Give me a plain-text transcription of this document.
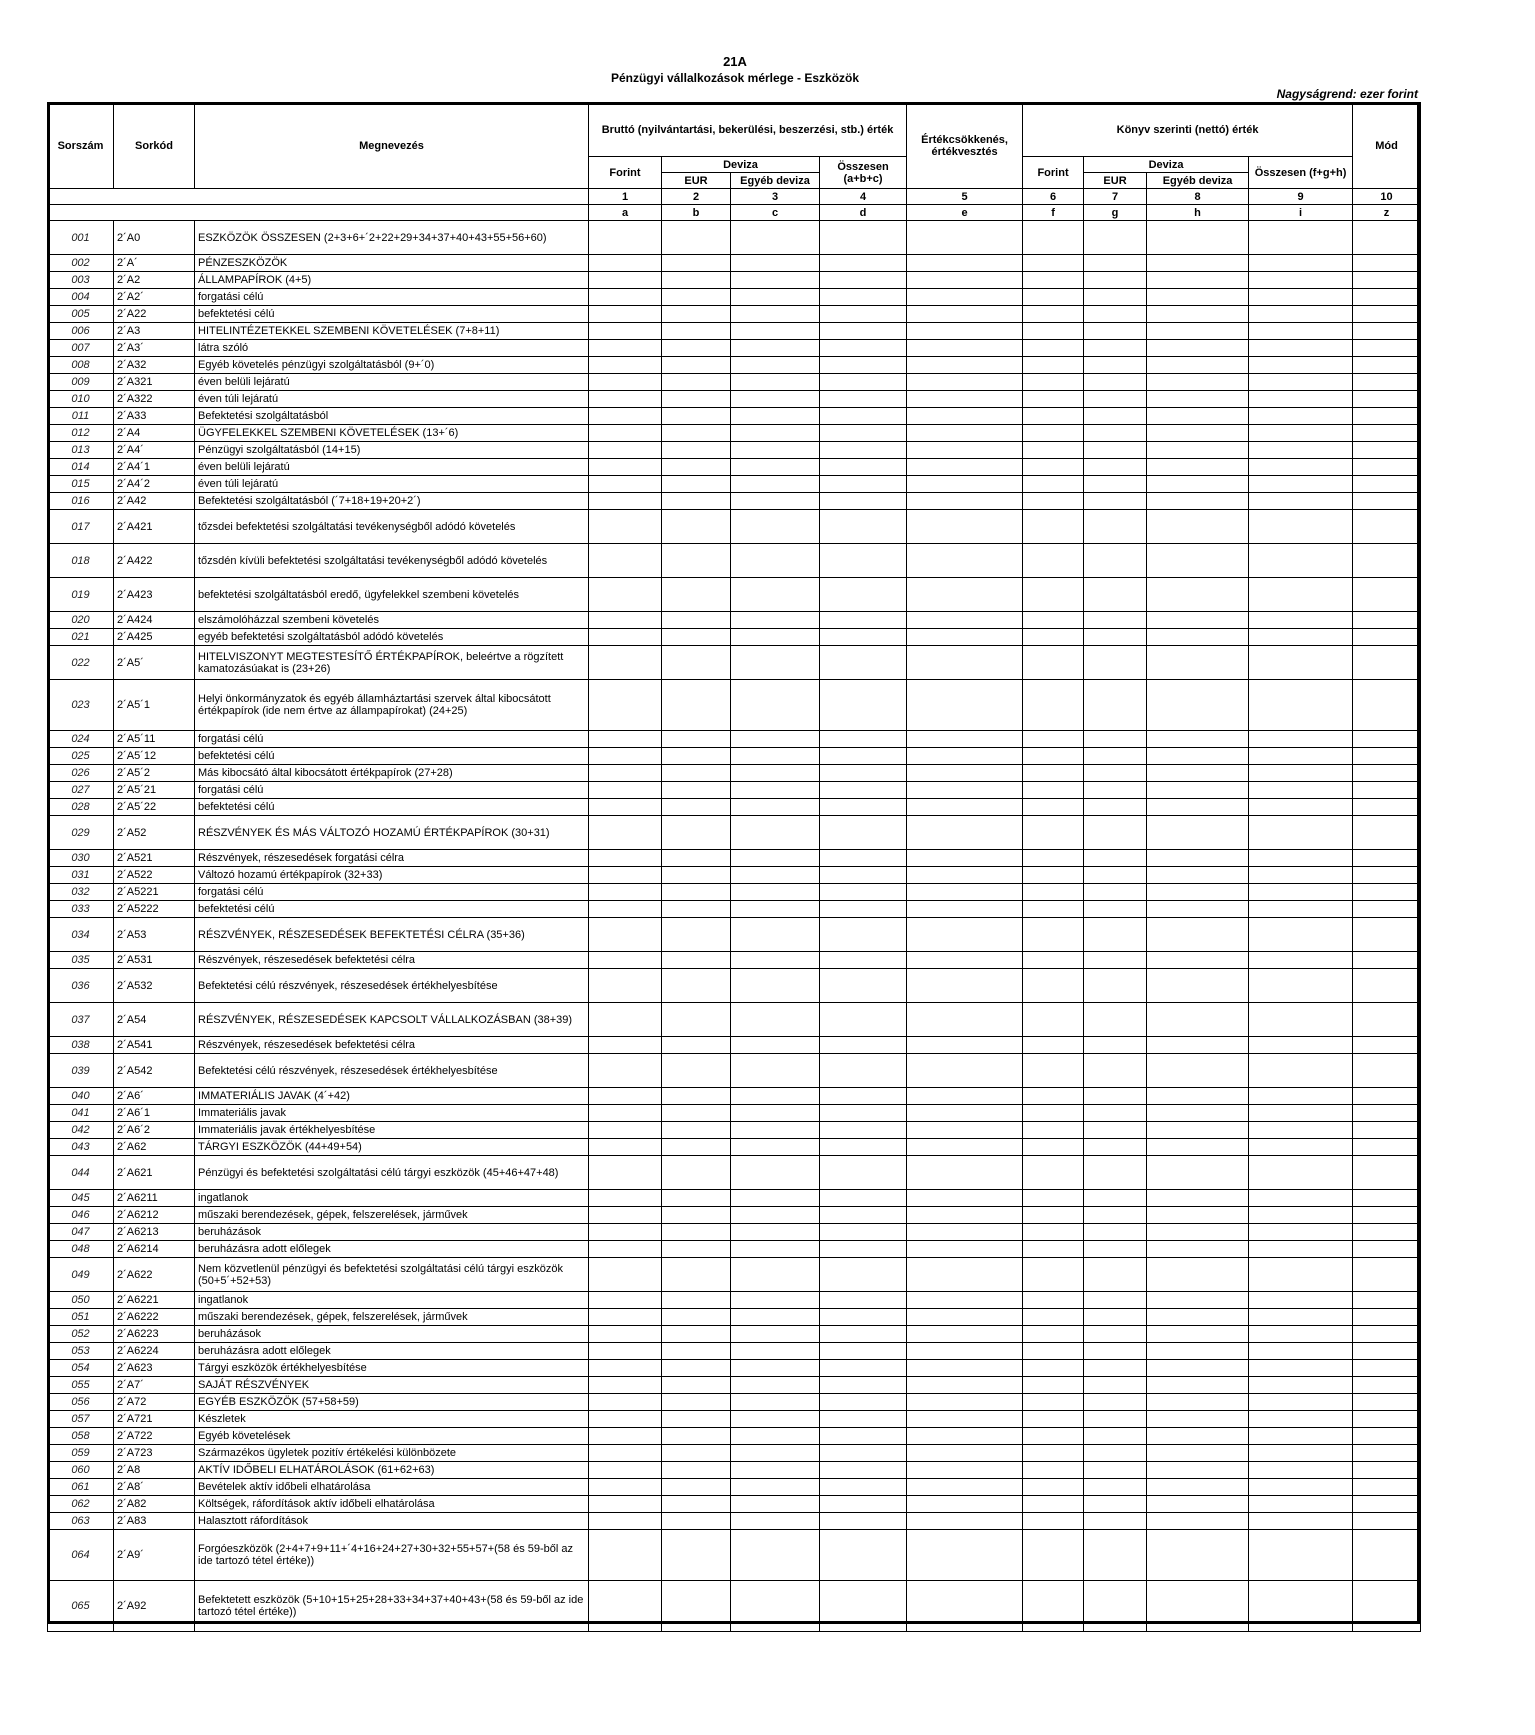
21A
Pénzügyi vállalkozások mérlege - Eszközök
Nagyságrend: ezer forint
Sorszám	Sorkód	Megnevezés	Bruttó (nyilvántartási, bekerülési, beszerzési, stb.) érték				Értékcsökkenés, értékvesztés	Könyv szerinti (nettó) érték				Mód
			Forint	Deviza		Összesen (a+b+c)		Forint	Deviza		Összesen (f+g+h)	
				EUR	Egyéb deviza				EUR	Egyéb deviza		
			1	2	3	4	5	6	7	8	9	10
			a	b	c	d	e	f	g	h	i	z
001	2´A0	ESZKÖZÖK ÖSSZESEN (2+3+6+´2+22+29+34+37+40+43+55+56+60)										
002	2´A´	PÉNZESZKÖZÖK										
003	2´A2	ÁLLAMPAPÍROK (4+5)										
004	2´A2´	forgatási célú										
005	2´A22	befektetési célú										
006	2´A3	HITELINTÉZETEKKEL SZEMBENI KÖVETELÉSEK (7+8+11)										
007	2´A3´	látra szóló										
008	2´A32	Egyéb követelés pénzügyi szolgáltatásból (9+´0)										
009	2´A321	éven belüli lejáratú										
010	2´A322	éven túli lejáratú										
011	2´A33	Befektetési szolgáltatásból										
012	2´A4	ÜGYFELEKKEL SZEMBENI KÖVETELÉSEK (13+´6)										
013	2´A4´	Pénzügyi szolgáltatásból (14+15)										
014	2´A4´1	éven belüli lejáratú										
015	2´A4´2	éven túli lejáratú										
016	2´A42	Befektetési szolgáltatásból (´7+18+19+20+2´)										
017	2´A421	tőzsdei befektetési szolgáltatási tevékenységből adódó követelés										
018	2´A422	tőzsdén kívüli befektetési szolgáltatási tevékenységből adódó követelés										
019	2´A423	befektetési szolgáltatásból eredő, ügyfelekkel szembeni követelés										
020	2´A424	elszámolóházzal szembeni követelés										
021	2´A425	egyéb befektetési szolgáltatásból adódó követelés										
022	2´A5´	HITELVISZONYT MEGTESTESÍTŐ ÉRTÉKPAPÍROK, beleértve a rögzített kamatozásúakat is (23+26)										
023	2´A5´1	Helyi önkormányzatok és egyéb államháztartási szervek által kibocsátott értékpapírok (ide nem értve az állampapírokat) (24+25)										
024	2´A5´11	forgatási célú										
025	2´A5´12	befektetési célú										
026	2´A5´2	Más kibocsátó által kibocsátott értékpapírok (27+28)										
027	2´A5´21	forgatási célú										
028	2´A5´22	befektetési célú										
029	2´A52	RÉSZVÉNYEK ÉS MÁS VÁLTOZÓ HOZAMÚ ÉRTÉKPAPÍROK (30+31)										
030	2´A521	Részvények, részesedések forgatási célra										
031	2´A522	Változó hozamú értékpapírok (32+33)										
032	2´A5221	forgatási célú										
033	2´A5222	befektetési célú										
034	2´A53	RÉSZVÉNYEK, RÉSZESEDÉSEK BEFEKTETÉSI CÉLRA (35+36)										
035	2´A531	Részvények, részesedések befektetési célra										
036	2´A532	Befektetési célú részvények, részesedések értékhelyesbítése										
037	2´A54	RÉSZVÉNYEK, RÉSZESEDÉSEK KAPCSOLT VÁLLALKOZÁSBAN (38+39)										
038	2´A541	Részvények, részesedések befektetési célra										
039	2´A542	Befektetési célú részvények, részesedések értékhelyesbítése										
040	2´A6´	IMMATERIÁLIS JAVAK (4´+42)										
041	2´A6´1	Immateriális javak										
042	2´A6´2	Immateriális javak értékhelyesbítése										
043	2´A62	TÁRGYI ESZKÖZÖK (44+49+54)										
044	2´A621	Pénzügyi és befektetési szolgáltatási célú tárgyi eszközök (45+46+47+48)										
045	2´A6211	ingatlanok										
046	2´A6212	műszaki berendezések, gépek, felszerelések, járművek										
047	2´A6213	beruházások										
048	2´A6214	beruházásra adott előlegek										
049	2´A622	Nem közvetlenül pénzügyi és befektetési szolgáltatási célú tárgyi eszközök (50+5´+52+53)										
050	2´A6221	ingatlanok										
051	2´A6222	műszaki berendezések, gépek, felszerelések, járművek										
052	2´A6223	beruházások										
053	2´A6224	beruházásra adott előlegek										
054	2´A623	Tárgyi eszközök értékhelyesbítése										
055	2´A7´	SAJÁT RÉSZVÉNYEK										
056	2´A72	EGYÉB ESZKÖZÖK (57+58+59)										
057	2´A721	Készletek										
058	2´A722	Egyéb követelések										
059	2´A723	Származékos ügyletek pozitív értékelési különbözete										
060	2´A8	AKTÍV IDŐBELI ELHATÁROLÁSOK (61+62+63)										
061	2´A8´	Bevételek aktív időbeli elhatárolása										
062	2´A82	Költségek, ráfordítások aktív időbeli elhatárolása										
063	2´A83	Halasztott ráfordítások										
064	2´A9´	Forgóeszközök (2+4+7+9+11+´4+16+24+27+30+32+55+57+(58 és 59-ből az ide tartozó tétel értéke))										
065	2´A92	Befektetett eszközök (5+10+15+25+28+33+34+37+40+43+(58 és 59-ből az ide tartozó tétel értéke))										
